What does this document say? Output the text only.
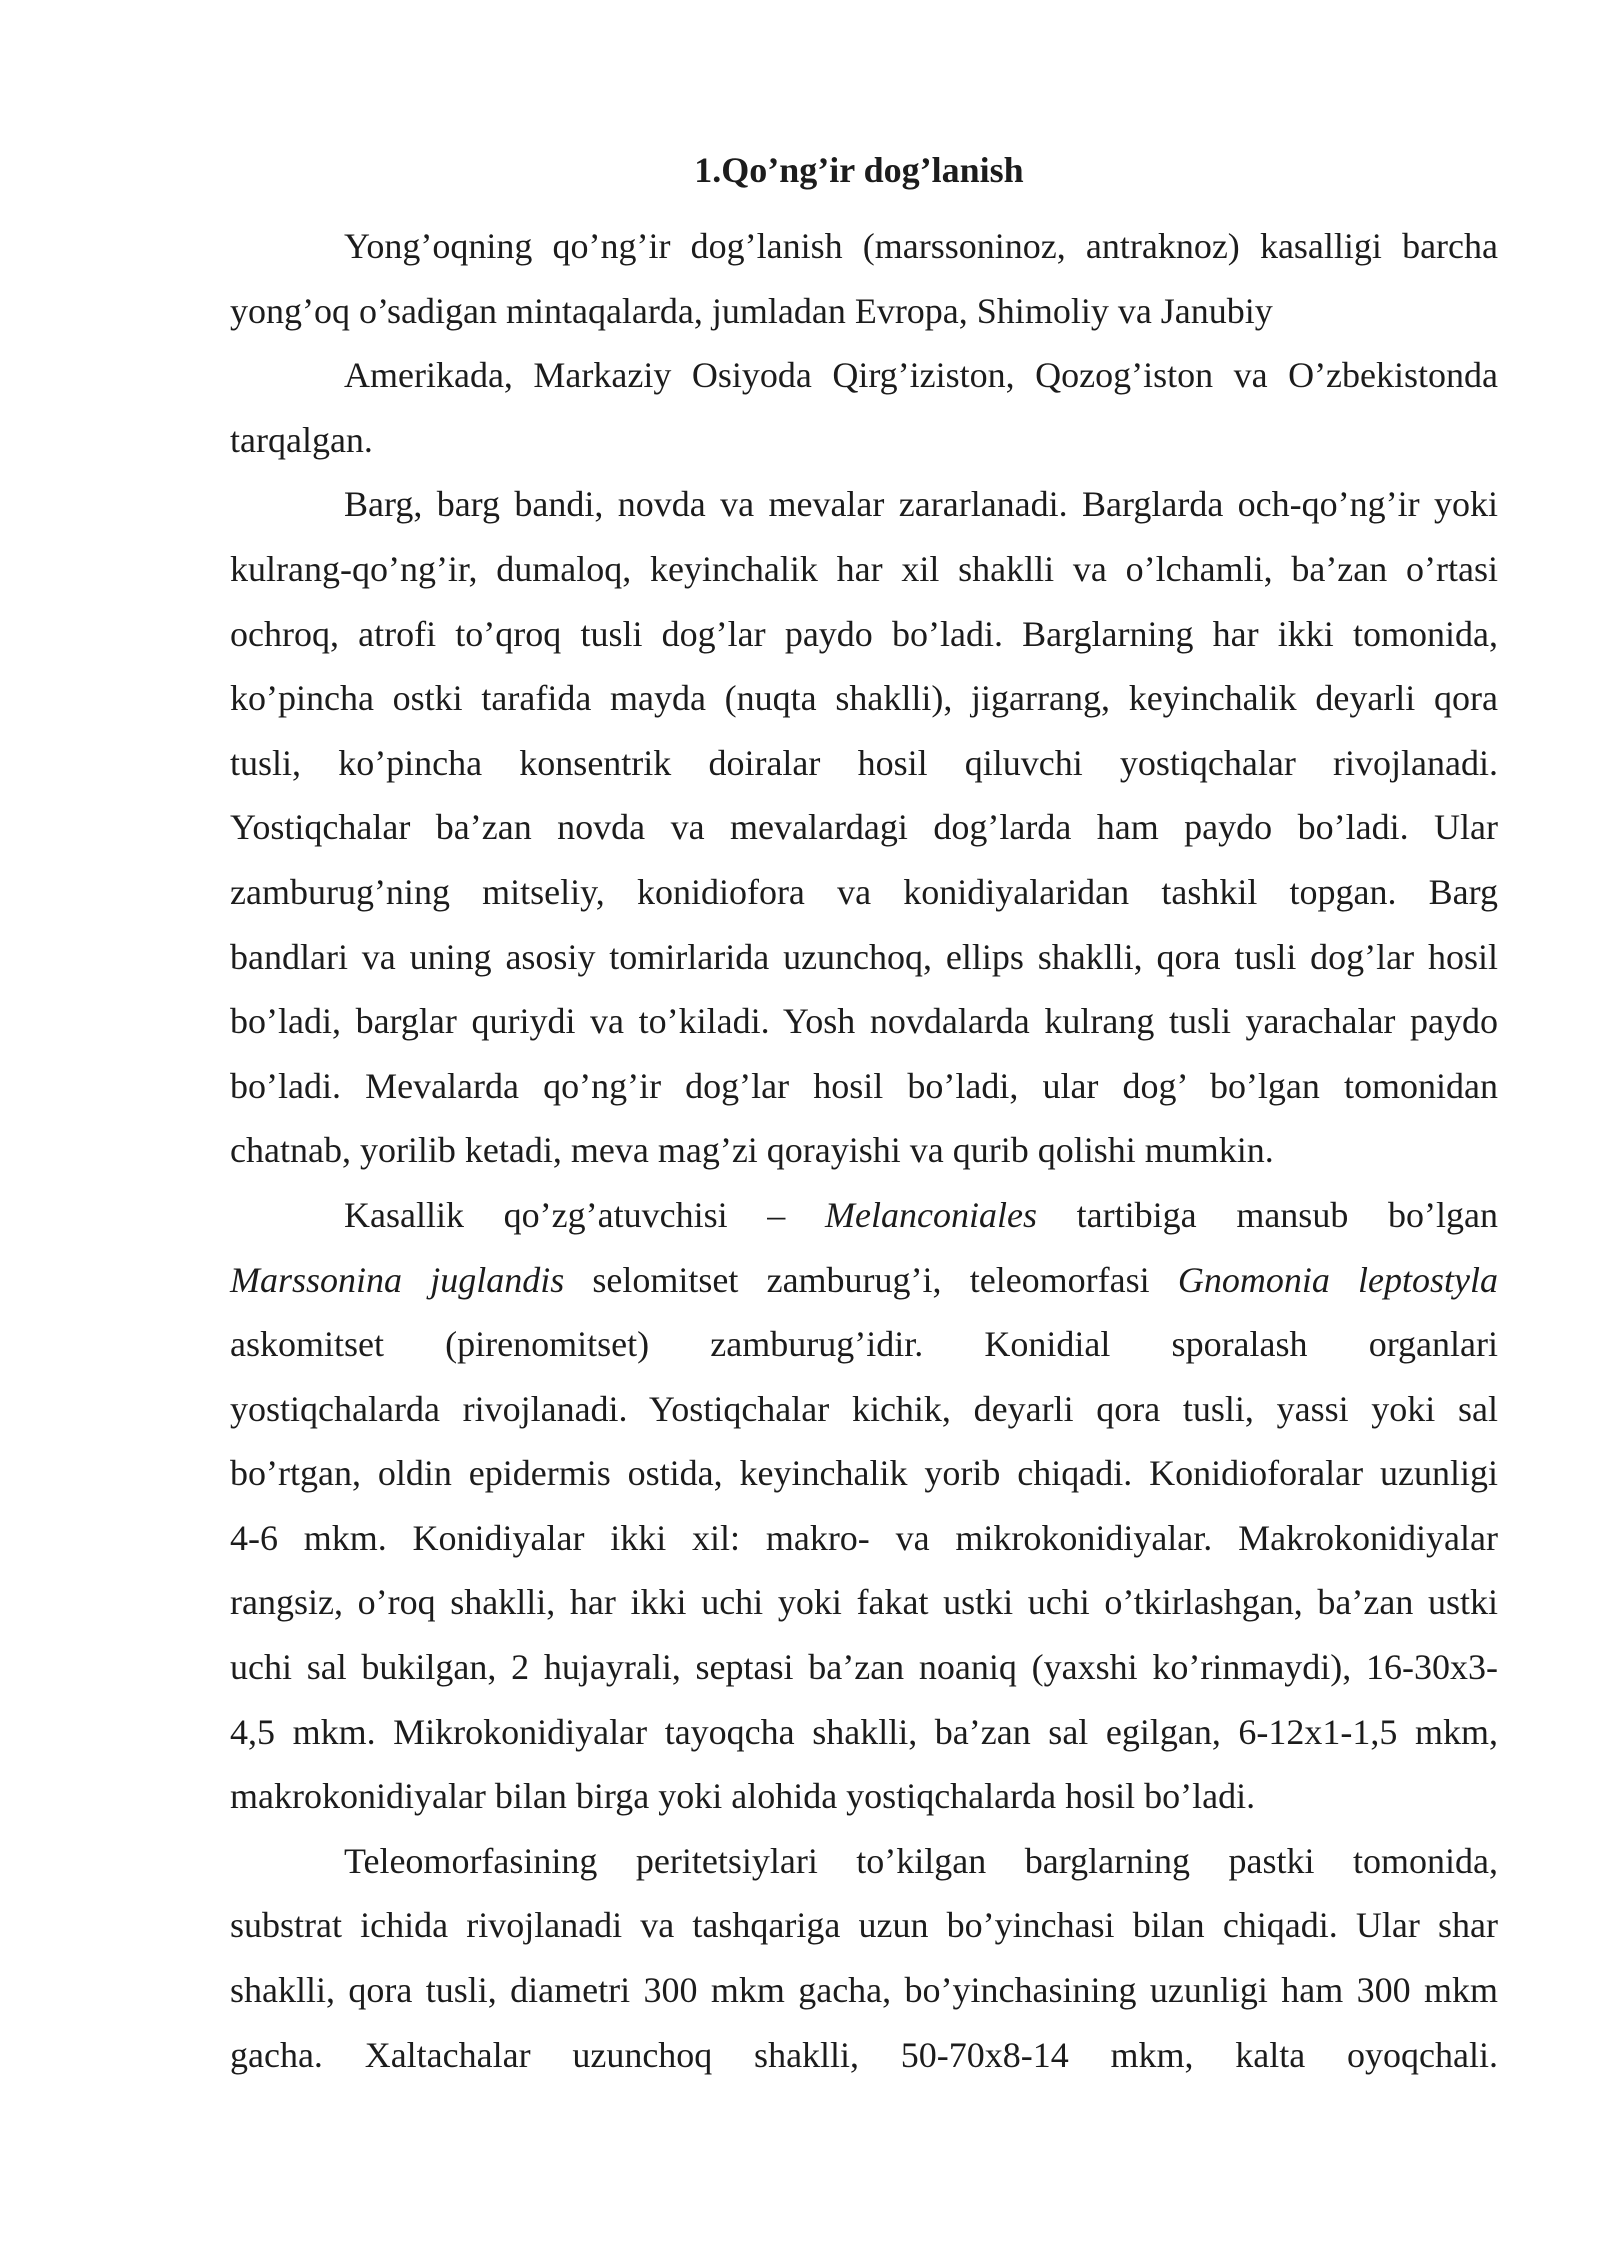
1.Qo’ng’ir dog’lanish
Yong’oqning qo’ng’ir dog’lanish (marssoninoz, antraknoz) kasalligi barcha
yong’oq o’sadigan mintaqalarda, jumladan Evropa, Shimoliy va Janubiy
Amerikada, Markaziy Osiyoda Qirg’iziston, Qozog’iston va O’zbekistonda
tarqalgan.
Barg, barg bandi, novda va mevalar zararlanadi. Barglarda och-qo’ng’ir yoki
kulrang-qo’ng’ir, dumaloq, keyinchalik har xil shaklli va o’lchamli, ba’zan o’rtasi
ochroq, atrofi to’qroq tusli dog’lar paydo bo’ladi. Barglarning har ikki tomonida,
ko’pincha ostki tarafida mayda (nuqta shaklli), jigarrang, keyinchalik deyarli qora
tusli, ko’pincha konsentrik doiralar hosil qiluvchi yostiqchalar rivojlanadi.
Yostiqchalar ba’zan novda va mevalardagi dog’larda ham paydo bo’ladi. Ular
zamburug’ning mitseliy, konidiofora va konidiyalaridan tashkil topgan. Barg
bandlari va uning asosiy tomirlarida uzunchoq, ellips shaklli, qora tusli dog’lar hosil
bo’ladi, barglar quriydi va to’kiladi. Yosh novdalarda kulrang tusli yarachalar paydo
bo’ladi. Mevalarda qo’ng’ir dog’lar hosil bo’ladi, ular dog’ bo’lgan tomonidan
chatnab, yorilib ketadi, meva mag’zi qorayishi va qurib qolishi mumkin.
Kasallik qo’zg’atuvchisi – Melanconiales tartibiga mansub bo’lgan
Marssonina juglandis selomitset zamburug’i, teleomorfasi Gnomonia leptostyla
askomitset (pirenomitset) zamburug’idir. Konidial sporalash organlari
yostiqchalarda rivojlanadi. Yostiqchalar kichik, deyarli qora tusli, yassi yoki sal
bo’rtgan, oldin epidermis ostida, keyinchalik yorib chiqadi. Konidioforalar uzunligi
4-6 mkm. Konidiyalar ikki xil: makro- va mikrokonidiyalar. Makrokonidiyalar
rangsiz, o’roq shaklli, har ikki uchi yoki fakat ustki uchi o’tkirlashgan, ba’zan ustki
uchi sal bukilgan, 2 hujayrali, septasi ba’zan noaniq (yaxshi ko’rinmaydi), 16-30x3-
4,5 mkm. Mikrokonidiyalar tayoqcha shaklli, ba’zan sal egilgan, 6-12x1-1,5 mkm,
makrokonidiyalar bilan birga yoki alohida yostiqchalarda hosil bo’ladi.
Teleomorfasining peritetsiylari to’kilgan barglarning pastki tomonida,
substrat ichida rivojlanadi va tashqariga uzun bo’yinchasi bilan chiqadi. Ular shar
shaklli, qora tusli, diametri 300 mkm gacha, bo’yinchasining uzunligi ham 300 mkm
gacha. Xaltachalar uzunchoq shaklli, 50-70x8-14 mkm, kalta oyoqchali.
